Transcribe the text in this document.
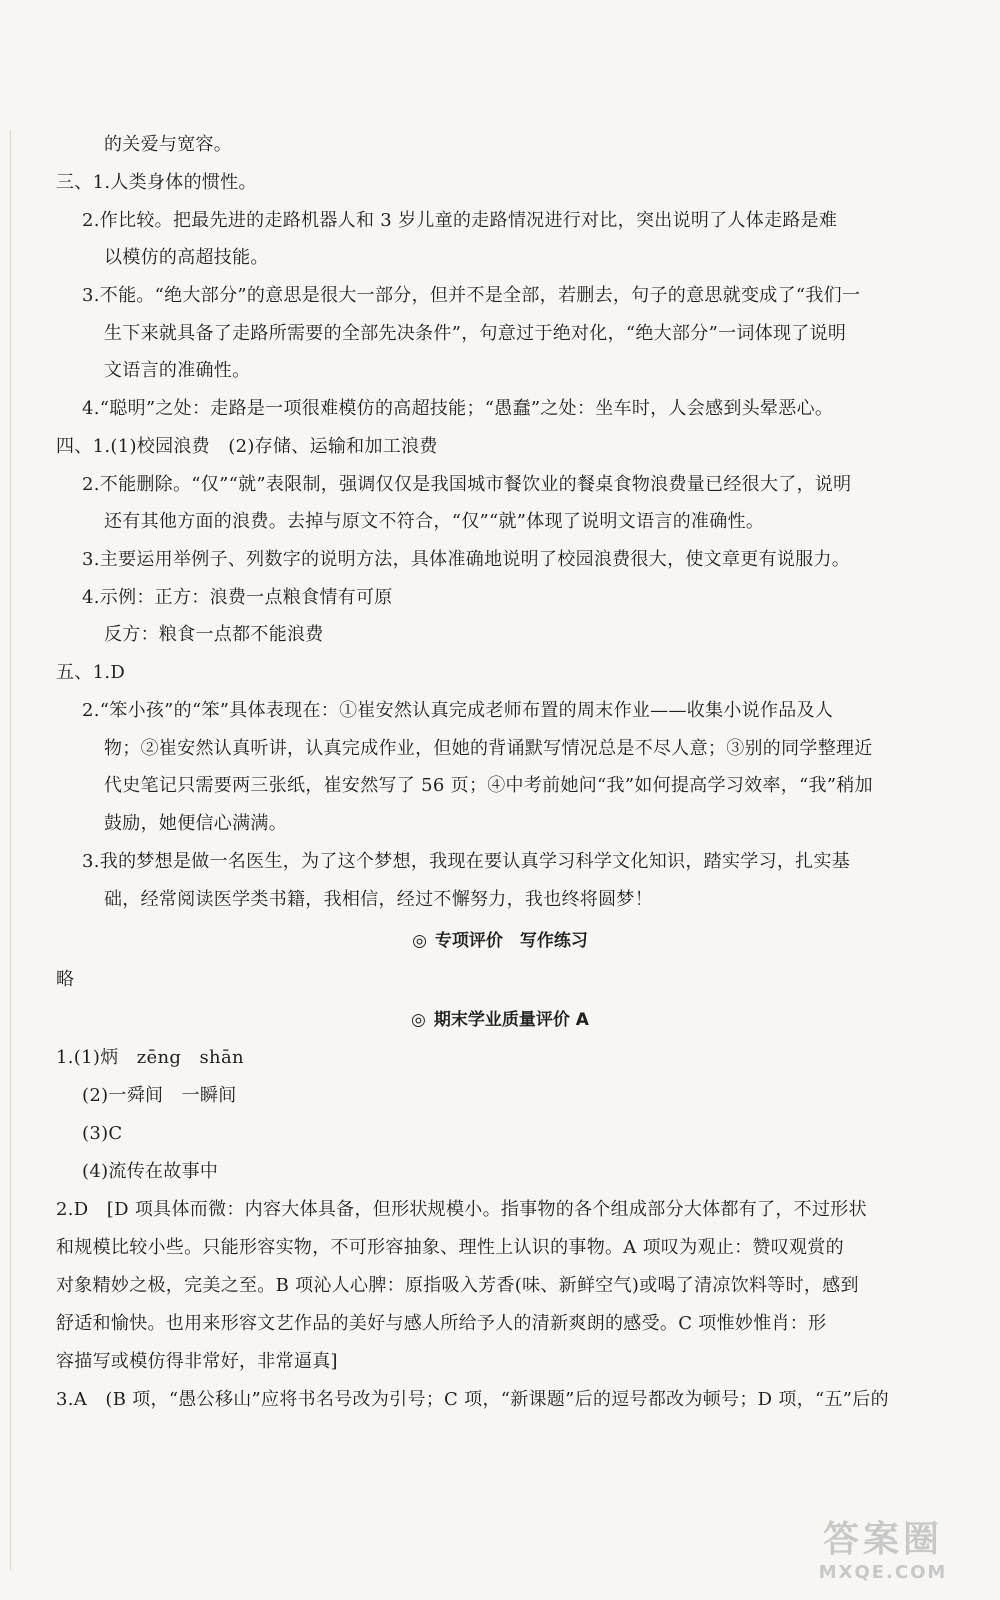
的关爱与宽容。
三、1.人类身体的惯性。
2.作比较。把最先进的走路机器人和 3 岁儿童的走路情况进行对比，突出说明了人体走路是难
以模仿的高超技能。
3.不能。“绝大部分”的意思是很大一部分，但并不是全部，若删去，句子的意思就变成了“我们一
生下来就具备了走路所需要的全部先决条件”，句意过于绝对化，“绝大部分”一词体现了说明
文语言的准确性。
4.“聪明”之处：走路是一项很难模仿的高超技能；“愚蠢”之处：坐车时，人会感到头晕恶心。
四、1.(1)校园浪费　(2)存储、运输和加工浪费
2.不能删除。“仅”“就”表限制，强调仅仅是我国城市餐饮业的餐桌食物浪费量已经很大了，说明
还有其他方面的浪费。去掉与原文不符合，“仅”“就”体现了说明文语言的准确性。
3.主要运用举例子、列数字的说明方法，具体准确地说明了校园浪费很大，使文章更有说服力。
4.示例：正方：浪费一点粮食情有可原
反方：粮食一点都不能浪费
五、1.D
2.“笨小孩”的“笨”具体表现在：①崔安然认真完成老师布置的周末作业——收集小说作品及人
物；②崔安然认真听讲，认真完成作业，但她的背诵默写情况总是不尽人意；③别的同学整理近
代史笔记只需要两三张纸，崔安然写了 56 页；④中考前她问“我”如何提高学习效率，“我”稍加
鼓励，她便信心满满。
3.我的梦想是做一名医生，为了这个梦想，我现在要认真学习科学文化知识，踏实学习，扎实基
础，经常阅读医学类书籍，我相信，经过不懈努力，我也终将圆梦！
◎ 专项评价　写作练习
略
◎ 期末学业质量评价 A
1.(1)炳　zēng　shān
(2)一舜间　一瞬间
(3)C
(4)流传在故事中
2.D　[D 项具体而微：内容大体具备，但形状规模小。指事物的各个组成部分大体都有了，不过形状
和规模比较小些。只能形容实物，不可形容抽象、理性上认识的事物。A 项叹为观止：赞叹观赏的
对象精妙之极，完美之至。B 项沁人心脾：原指吸入芳香(味、新鲜空气)或喝了清凉饮料等时，感到
舒适和愉快。也用来形容文艺作品的美好与感人所给予人的清新爽朗的感受。C 项惟妙惟肖：形
容描写或模仿得非常好，非常逼真]
3.A　(B 项，“愚公移山”应将书名号改为引号；C 项，“新课题”后的逗号都改为顿号；D 项，“五”后的
答案圈
MXQE.COM
